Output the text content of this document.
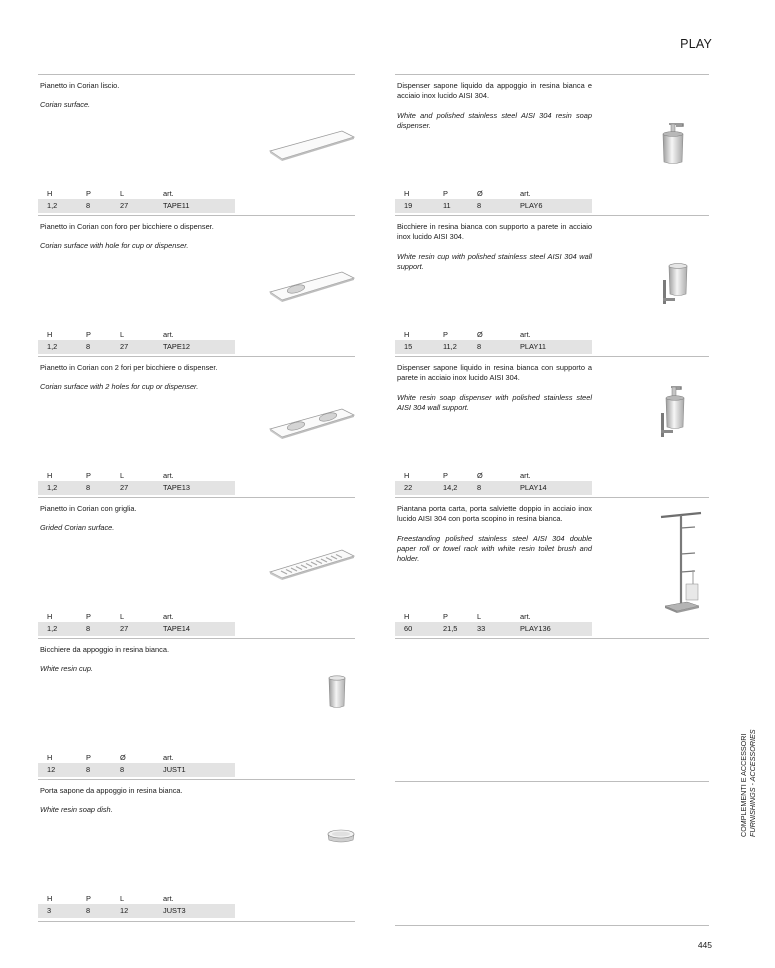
PLAY
Pianetto in Corian liscio.
Corian surface.
H	P	L	art.
1,2	8	27	TAPE11
Pianetto in Corian con foro per bicchiere o dispenser.
Corian surface with hole for cup or dispenser.
H	P	L	art.
1,2	8	27	TAPE12
Pianetto in Corian con 2 fori per bicchiere o dispenser.
Corian surface with 2 holes for cup or dispenser.
H	P	L	art.
1,2	8	27	TAPE13
Pianetto in Corian con griglia.
Grided Corian surface.
H	P	L	art.
1,2	8	27	TAPE14
Bicchiere da appoggio in resina bianca.
White resin cup.
H	P	Ø	art.
12	8	8	JUST1
Porta sapone da appoggio in resina bianca.
White resin soap dish.
H	P	L	art.
3	8	12	JUST3
Dispenser sapone liquido da appoggio in resina bianca e acciaio inox lucido AISI 304.
White and polished stainless steel AISI 304 resin soap dispenser.
H	P	Ø	art.
19	11	8	PLAY6
Bicchiere in resina bianca con supporto a parete in acciaio inox lucido AISI 304.
White resin cup with polished stainless steel AISI 304 wall support.
H	P	Ø	art.
15	11,2	8	PLAY11
Dispenser sapone liquido in resina bianca con supporto a parete in acciaio inox lucido AISI 304.
White resin soap dispenser with polished stainless steel AISI 304 wall support.
H	P	Ø	art.
22	14,2	8	PLAY14
Piantana porta carta, porta salviette doppio in acciaio inox lucido AISI 304 con porta scopino in resina bianca.
Freestanding polished stainless steel AISI 304 double paper roll or towel rack with white resin toilet brush and holder.
H	P	L	art.
60	21,5	33	PLAY136
COMPLEMENTI E ACCESSORI FURNISHINGS - ACCESSORIES
445
